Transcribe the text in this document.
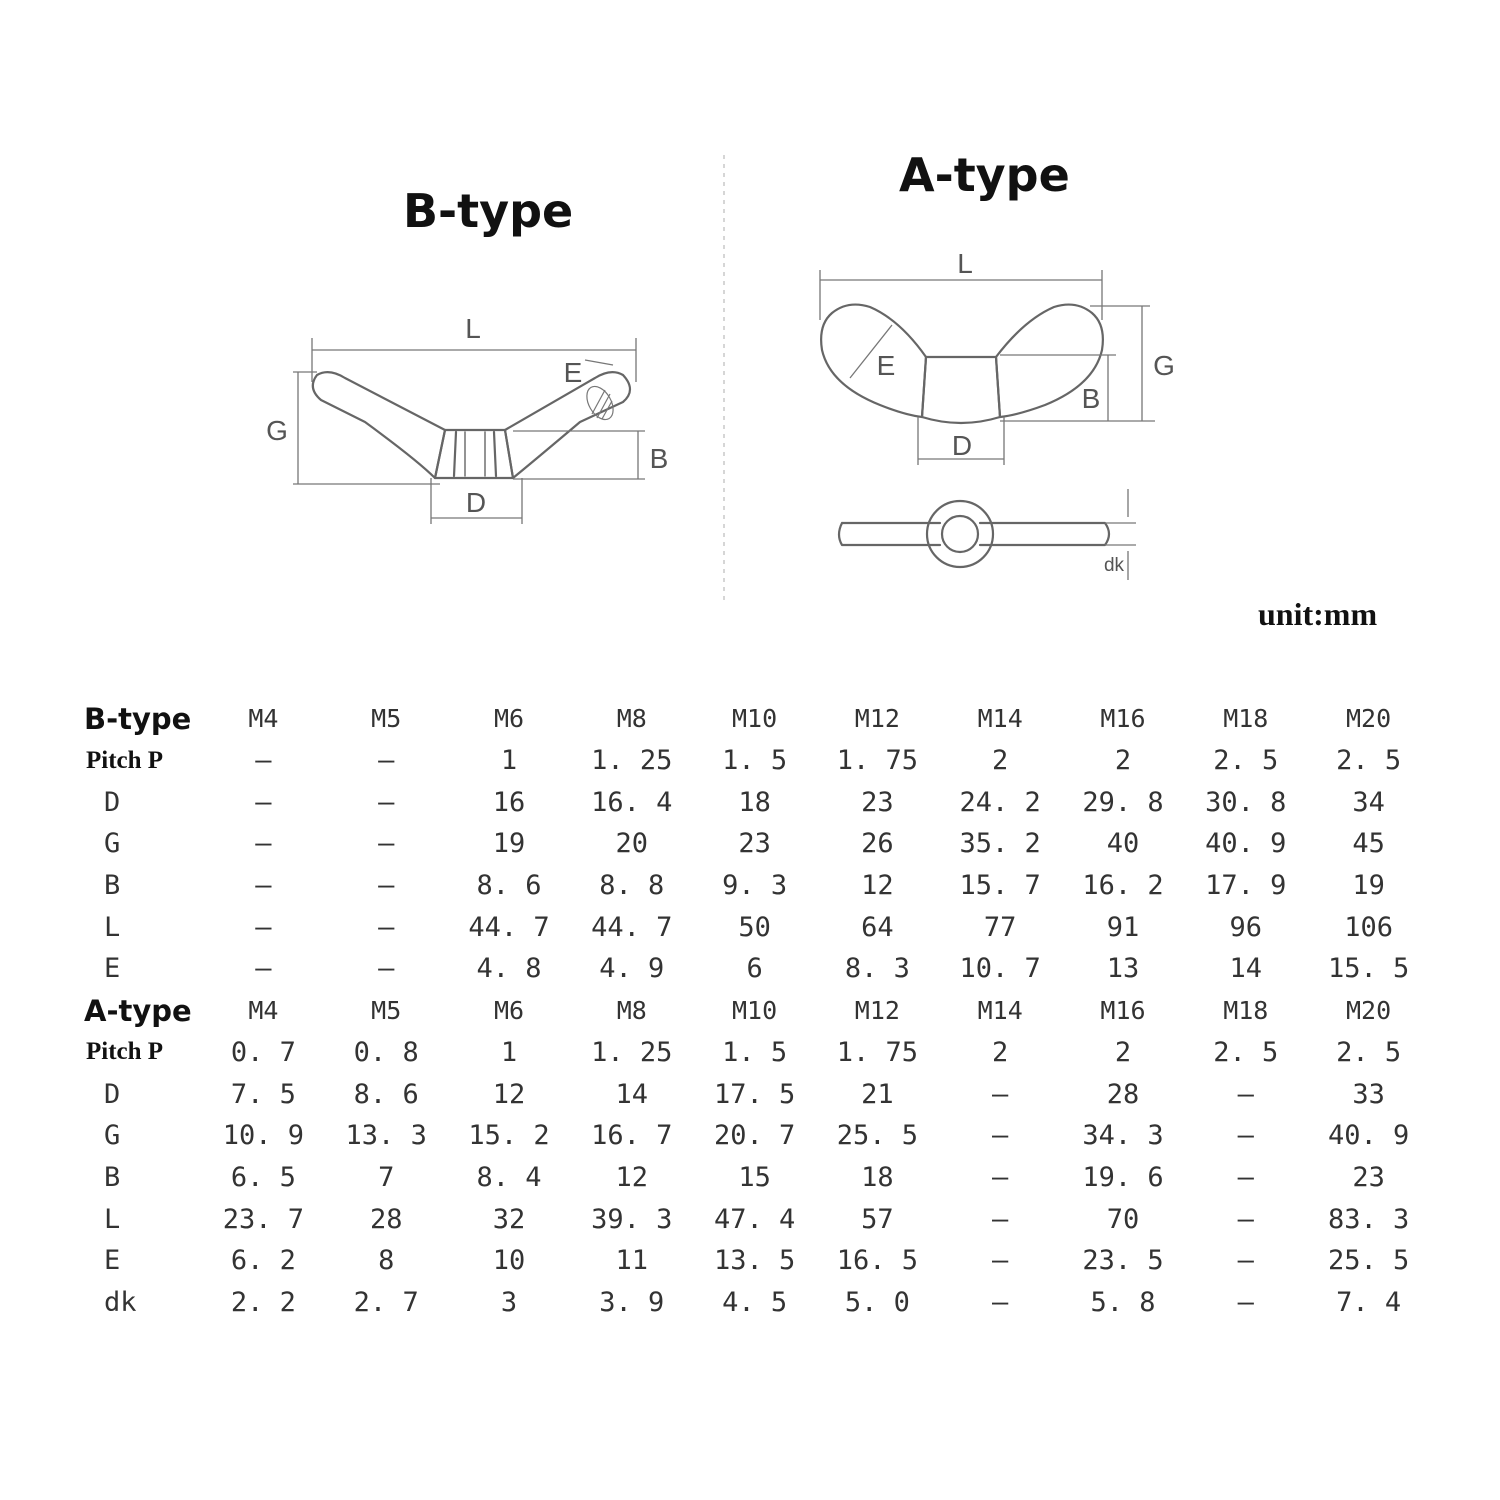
B-type
A-type
L
E
G
B
D
L
E	G
B
D
dk
unit:mm
B-type	M4	M5	M6	M8	M10	M12	M14	M16	M18	M20
Pitch P	–	–	1	1. 25	1. 5	1. 75	2	2	2. 5	2. 5
D	–	–	16	16. 4	18	23	24. 2	29. 8	30. 8	34
G	–	–	19	20	23	26	35. 2	40	40. 9	45
B	–	–	8. 6	8. 8	9. 3	12	15. 7	16. 2	17. 9	19
L	–	–	44. 7	44. 7	50	64	77	91	96	106
E	–	–	4. 8	4. 9	6	8. 3	10. 7	13	14	15. 5
A-type	M4	M5	M6	M8	M10	M12	M14	M16	M18	M20
Pitch P	0. 7	0. 8	1	1. 25	1. 5	1. 75	2	2	2. 5	2. 5
D	7. 5	8. 6	12	14	17. 5	21	–	28	–	33
G	10. 9	13. 3	15. 2	16. 7	20. 7	25. 5	–	34. 3	–	40. 9
B	6. 5	7	8. 4	12	15	18	–	19. 6	–	23
L	23. 7	28	32	39. 3	47. 4	57	–	70	–	83. 3
E	6. 2	8	10	11	13. 5	16. 5	–	23. 5	–	25. 5
dk	2. 2	2. 7	3	3. 9	4. 5	5. 0	–	5. 8	–	7. 4
